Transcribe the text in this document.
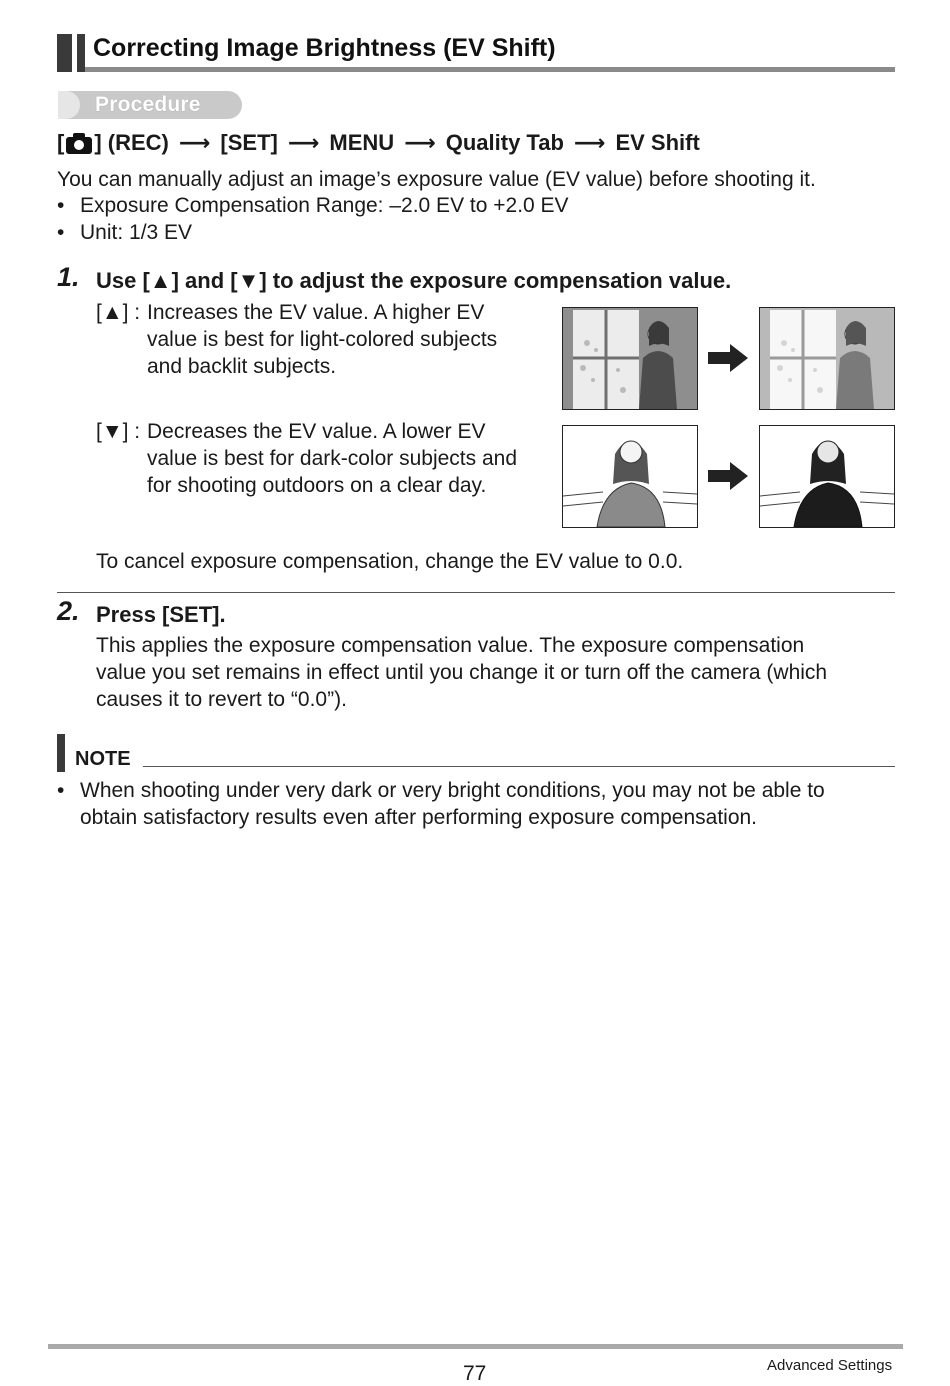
Correcting Image Brightness (EV Shift)
Procedure
[ ] (REC) ⟶ [SET] ⟶ MENU ⟶ Quality Tab ⟶ EV Shift
You can manually adjust an image’s exposure value (EV value) before shooting it.
• Exposure Compensation Range: –2.0 EV to +2.0 EV
• Unit: 1/3 EV
1. Use [▲] and [▼] to adjust the exposure compensation value.
[▲] : Increases the EV value. A higher EV
value is best for light-colored subjects
and backlit subjects.
[▼] : Decreases the EV value. A lower EV
value is best for dark-color subjects and
for shooting outdoors on a clear day.
To cancel exposure compensation, change the EV value to 0.0.
2. Press [SET].
This applies the exposure compensation value. The exposure compensation
value you set remains in effect until you change it or turn off the camera (which
causes it to revert to “0.0”).
NOTE
• When shooting under very dark or very bright conditions, you may not be able to
obtain satisfactory results even after performing exposure compensation.
77	Advanced Settings
